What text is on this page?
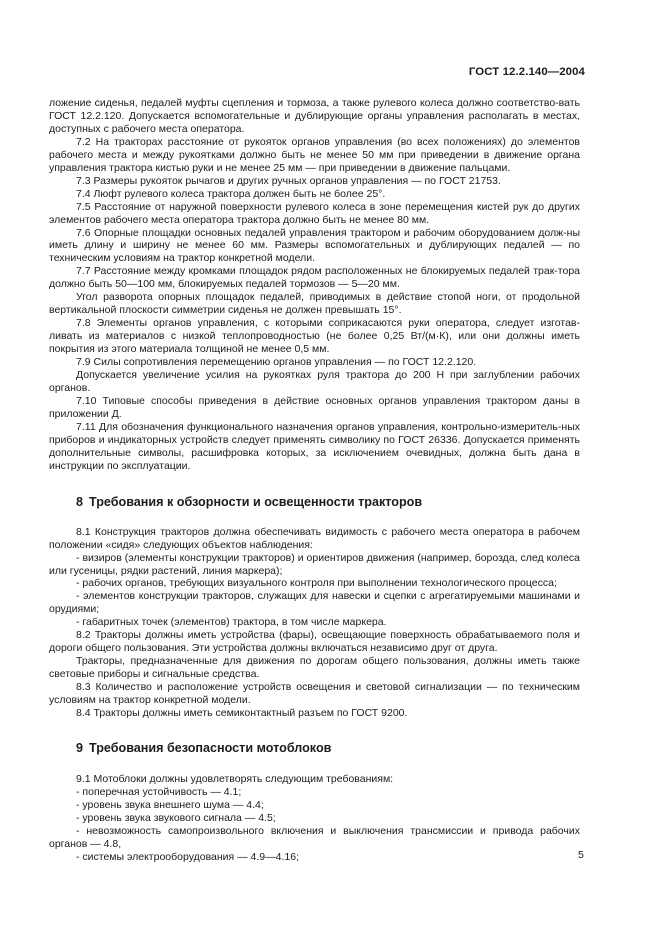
ГОСТ 12.2.140—2004

ложение сиденья, педалей муфты сцепления и тормоза, а также рулевого колеса должно соответство-вать ГОСТ 12.2.120. Допускается вспомогательные и дублирующие органы управления располагать в местах, доступных с рабочего места оператора.

7.2 На тракторах расстояние от рукояток органов управления (во всех положениях) до элементов рабочего места и между рукоятками должно быть не менее 50 мм при приведении в движение органа управления трактора кистью руки и не менее 25 мм — при приведении в движение пальцами.

7.3 Размеры рукояток рычагов и других ручных органов управления — по ГОСТ 21753.

7.4 Люфт рулевого колеса трактора должен быть не более 25°.

7.5 Расстояние от наружной поверхности рулевого колеса в зоне перемещения кистей рук до других элементов рабочего места оператора трактора должно быть не менее 80 мм.

7.6 Опорные площадки основных педалей управления трактором и рабочим оборудованием долж-ны иметь длину и ширину не менее 60 мм. Размеры вспомогательных и дублирующих педалей — по техническим условиям на трактор конкретной модели.

7.7 Расстояние между кромками площадок рядом расположенных не блокируемых педалей трак-тора должно быть 50—100 мм, блокируемых педалей тормозов — 5—20 мм.

Угол разворота опорных площадок педалей, приводимых в действие стопой ноги, от продольной вертикальной плоскости симметрии сиденья не должен превышать 15°.

7.8 Элементы органов управления, с которыми соприкасаются руки оператора, следует изготав-ливать из материалов с низкой теплопроводностью (не более 0,25 Вт/(м·К), или они должны иметь покрытия из этого материала толщиной не менее 0,5 мм.

7.9 Силы сопротивления перемещению органов управления — по ГОСТ 12.2.120.

Допускается увеличение усилия на рукоятках руля трактора до 200 Н при заглублении рабочих органов.

7.10 Типовые способы приведения в действие основных органов управления трактором даны в приложении Д.

7.11 Для обозначения функционального назначения органов управления, контрольно-измеритель-ных приборов и индикаторных устройств следует применять символику по ГОСТ 26336. Допускается применять дополнительные символы, расшифровка которых, за исключением очевидных, должна быть дана в инструкции по эксплуатации.

8 Требования к обзорности и освещенности тракторов

8.1 Конструкция тракторов должна обеспечивать видимость с рабочего места оператора в рабочем положении «сидя» следующих объектов наблюдения:

- визиров (элементы конструкции тракторов) и ориентиров движения (например, борозда, след колеса или гусеницы, рядки растений, линия маркера);

- рабочих органов, требующих визуального контроля при выполнении технологического процесса;

- элементов конструкции тракторов, служащих для навески и сцепки с агрегатируемыми машинами и орудиями;

- габаритных точек (элементов) трактора, в том числе маркера.

8.2 Тракторы должны иметь устройства (фары), освещающие поверхность обрабатываемого поля и дороги общего пользования. Эти устройства должны включаться независимо друг от друга.

Тракторы, предназначенные для движения по дорогам общего пользования, должны иметь также световые приборы и сигнальные средства.

8.3 Количество и расположение устройств освещения и световой сигнализации — по техническим условиям на трактор конкретной модели.

8.4 Тракторы должны иметь семиконтактный разъем по ГОСТ 9200.

9 Требования безопасности мотоблоков

9.1 Мотоблоки должны удовлетворять следующим требованиям:

- поперечная устойчивость — 4.1;

- уровень звука внешнего шума — 4.4;

- уровень звука звукового сигнала — 4.5;

- невозможность самопроизвольного включения и выключения трансмиссии и привода рабочих органов — 4.8,

- системы электрооборудования — 4.9—4.16;	5
